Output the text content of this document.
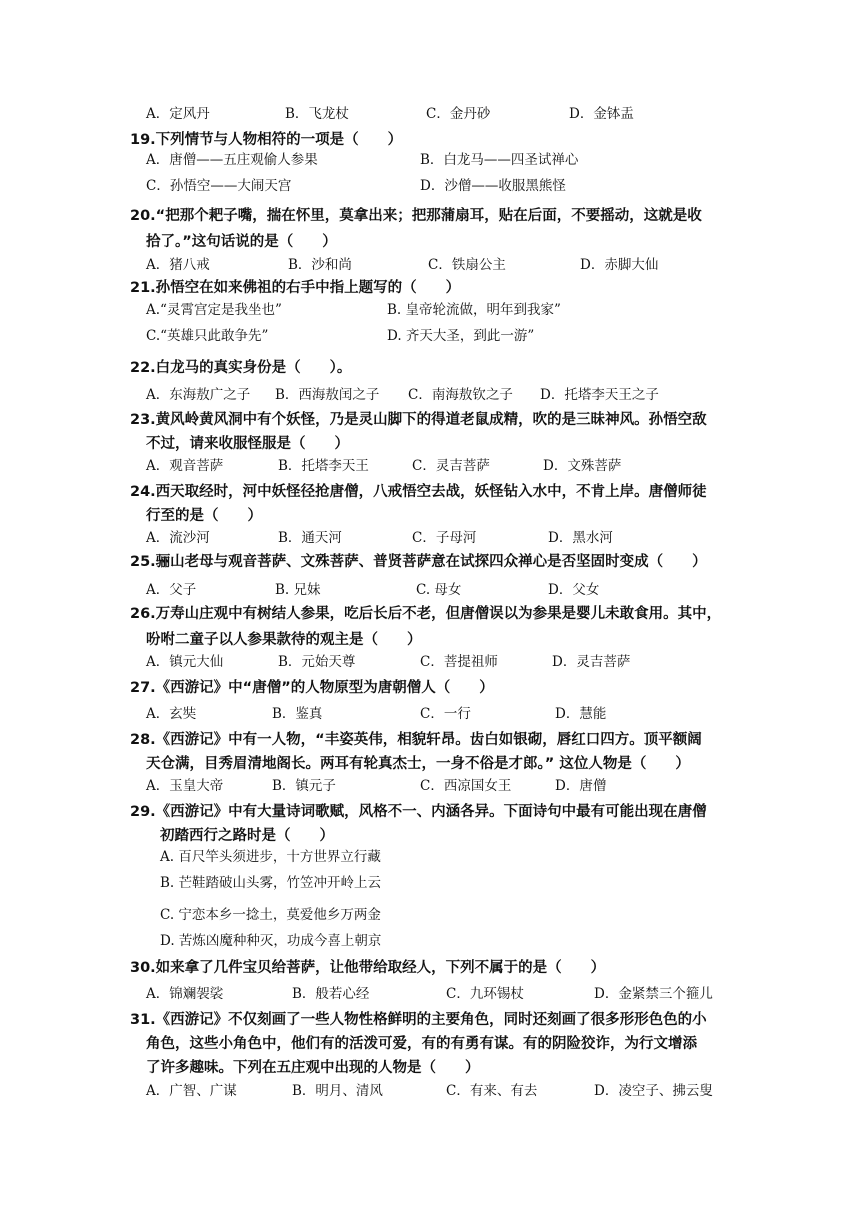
A．定风丹	B．飞龙杖	C．金丹砂	D．金钵盂
19.下列情节与人物相符的一项是（　　）
A．唐僧——五庄观偷人参果	B．白龙马——四圣试禅心
C．孙悟空——大闹天宫	D．沙僧——收服黑熊怪
20.“把那个耙子嘴，揣在怀里，莫拿出来；把那蒲扇耳，贴在后面，不要摇动，这就是收
拾了。”这句话说的是（　　）
A．猪八戒	B．沙和尚	C．铁扇公主	D．赤脚大仙
21.孙悟空在如来佛祖的右手中指上题写的（　　）
A.“灵霄宫定是我坐也”	B. 皇帝轮流做，明年到我家”
C.“英雄只此敢争先”	D. 齐天大圣，到此一游”
22.白龙马的真实身份是（　　）。
A．东海敖广之子 B．西海敖闰之子 C．南海敖钦之子 D．托塔李天王之子
23.黄风岭黄风洞中有个妖怪，乃是灵山脚下的得道老鼠成精，吹的是三昧神风。孙悟空敌
不过，请来收服怪服是（　　）
A．观音菩萨	B．托塔李天王	C．灵吉菩萨	D．文殊菩萨
24.西天取经时，河中妖怪径抢唐僧，八戒悟空去战，妖怪钻入水中，不肯上岸。唐僧师徒
行至的是（　　）
A．流沙河	B．通天河	C．子母河	D．黑水河
25.骊山老母与观音菩萨、文殊菩萨、普贤菩萨意在试探四众禅心是否坚固时变成（　　）
A．父子	B. 兄妹	C. 母女	D．父女
26.万寿山庄观中有树结人参果，吃后长后不老，但唐僧误以为参果是婴儿未敢食用。其中，
吩咐二童子以人参果款待的观主是（　　）
A．镇元大仙	B．元始天尊	C．菩提祖师	D．灵吉菩萨
27.《西游记》中“唐僧”的人物原型为唐朝僧人（　　）
A．玄奘	B．鉴真	C．一行	D．慧能
28.《西游记》中有一人物，“丰姿英伟，相貌轩昂。齿白如银砌，唇红口四方。顶平额阔
天仓满，目秀眉清地阁长。两耳有轮真杰士，一身不俗是才郎。” 这位人物是（　　）
A．玉皇大帝	B．镇元子	C．西凉国女王	D．唐僧
29.《西游记》中有大量诗词歌赋，风格不一、内涵各异。下面诗句中最有可能出现在唐僧
初踏西行之路时是（　　）
A. 百尺竿头须进步，十方世界立行藏
B. 芒鞋踏破山头雾，竹笠冲开岭上云
C. 宁恋本乡一捻土，莫爱他乡万两金
D. 苦炼凶魔种种灭，功成今喜上朝京
30.如来拿了几件宝贝给菩萨，让他带给取经人，下列不属于的是（　　）
A．锦斓袈裟	B．般若心经	C．九环锡杖	D．金紧禁三个箍儿
31.《西游记》不仅刻画了一些人物性格鲜明的主要角色，同时还刻画了很多形形色色的小
角色，这些小角色中，他们有的活泼可爱，有的有勇有谋。有的阴险狡诈，为行文增添
了许多趣味。下列在五庄观中出现的人物是（　　）
A．广智、广谋	B．明月、清风	C．有来、有去	D．凌空子、拂云叟
